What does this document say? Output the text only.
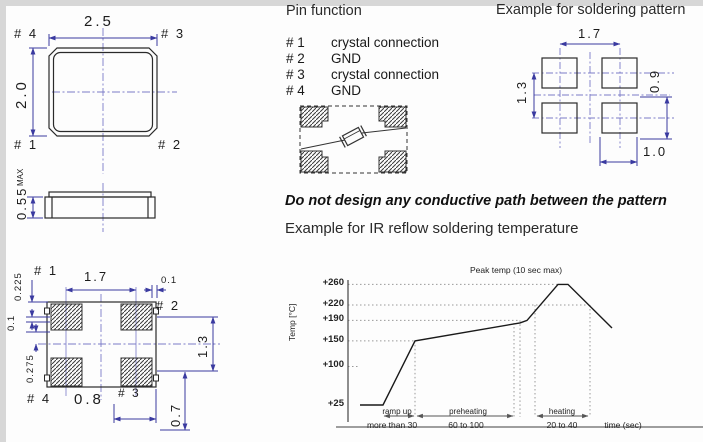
2.5
2.0
# 4	# 3
# 1	# 2
0.55
MAX
# 1 1.7	0.1
# 2
1.3
0.225
0.1
0.275
# 4 0.8 # 3
0.7
Pin function
# 1 crystal connection
# 2 GND
# 3 crystal connection
# 4 GND
Example for soldering pattern
1.7
1.3	0.9
1.0
Do not design any conductive path between the pattern
Example for IR reflow soldering temperature
Temp [°C]
+260
+220
+190
+150
+100
+25
Peak temp (10 sec max)
ramp up	preheating	heating
more than 30	60 to 100	20 to 40	time (sec)
